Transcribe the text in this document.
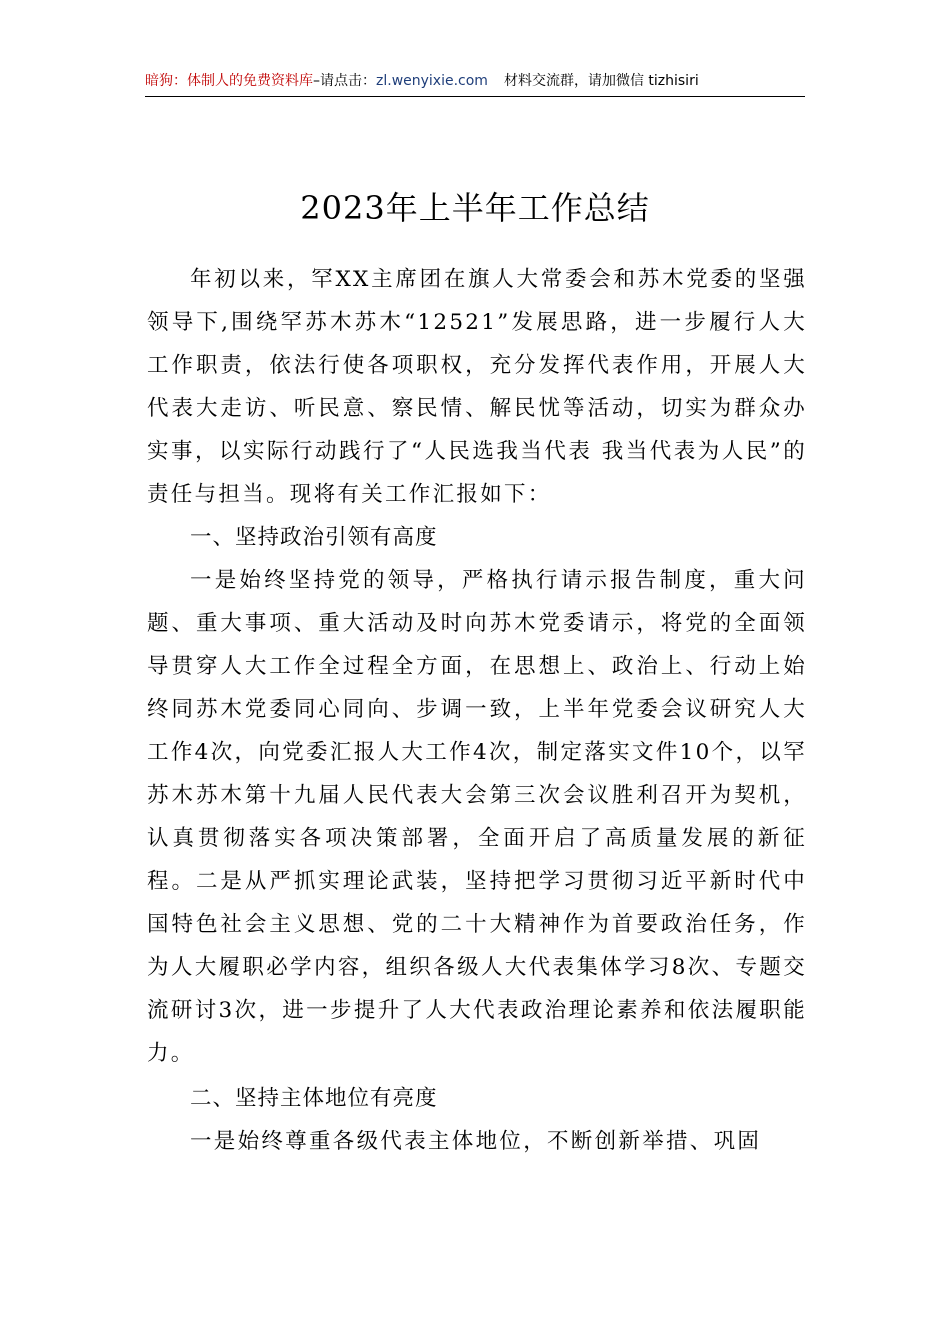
暗狗：体制人的免费资料库–请点击：zl.wenyixie.com 材料交流群，请加微信 tizhisiri
2023年上半年工作总结

年初以来，罕XX主席团在旗人大常委会和苏木党委的坚强领导下,围绕罕苏木苏木“12521”发展思路，进一步履行人大工作职责，依法行使各项职权，充分发挥代表作用，开展人大代表大走访、听民意、察民情、解民忧等活动，切实为群众办实事，以实际行动践行了“人民选我当代表 我当代表为人民”的责任与担当。现将有关工作汇报如下：

一、坚持政治引领有高度

一是始终坚持党的领导，严格执行请示报告制度，重大问题、重大事项、重大活动及时向苏木党委请示，将党的全面领导贯穿人大工作全过程全方面，在思想上、政治上、行动上始终同苏木党委同心同向、步调一致，上半年党委会议研究人大工作4次，向党委汇报人大工作4次，制定落实文件10个，以罕苏木苏木第十九届人民代表大会第三次会议胜利召开为契机，认真贯彻落实各项决策部署，全面开启了高质量发展的新征程。二是从严抓实理论武装，坚持把学习贯彻习近平新时代中国特色社会主义思想、党的二十大精神作为首要政治任务，作为人大履职必学内容，组织各级人大代表集体学习8次、专题交流研讨3次，进一步提升了人大代表政治理论素养和依法履职能力。

二、坚持主体地位有亮度

一是始终尊重各级代表主体地位，不断创新举措、巩固
